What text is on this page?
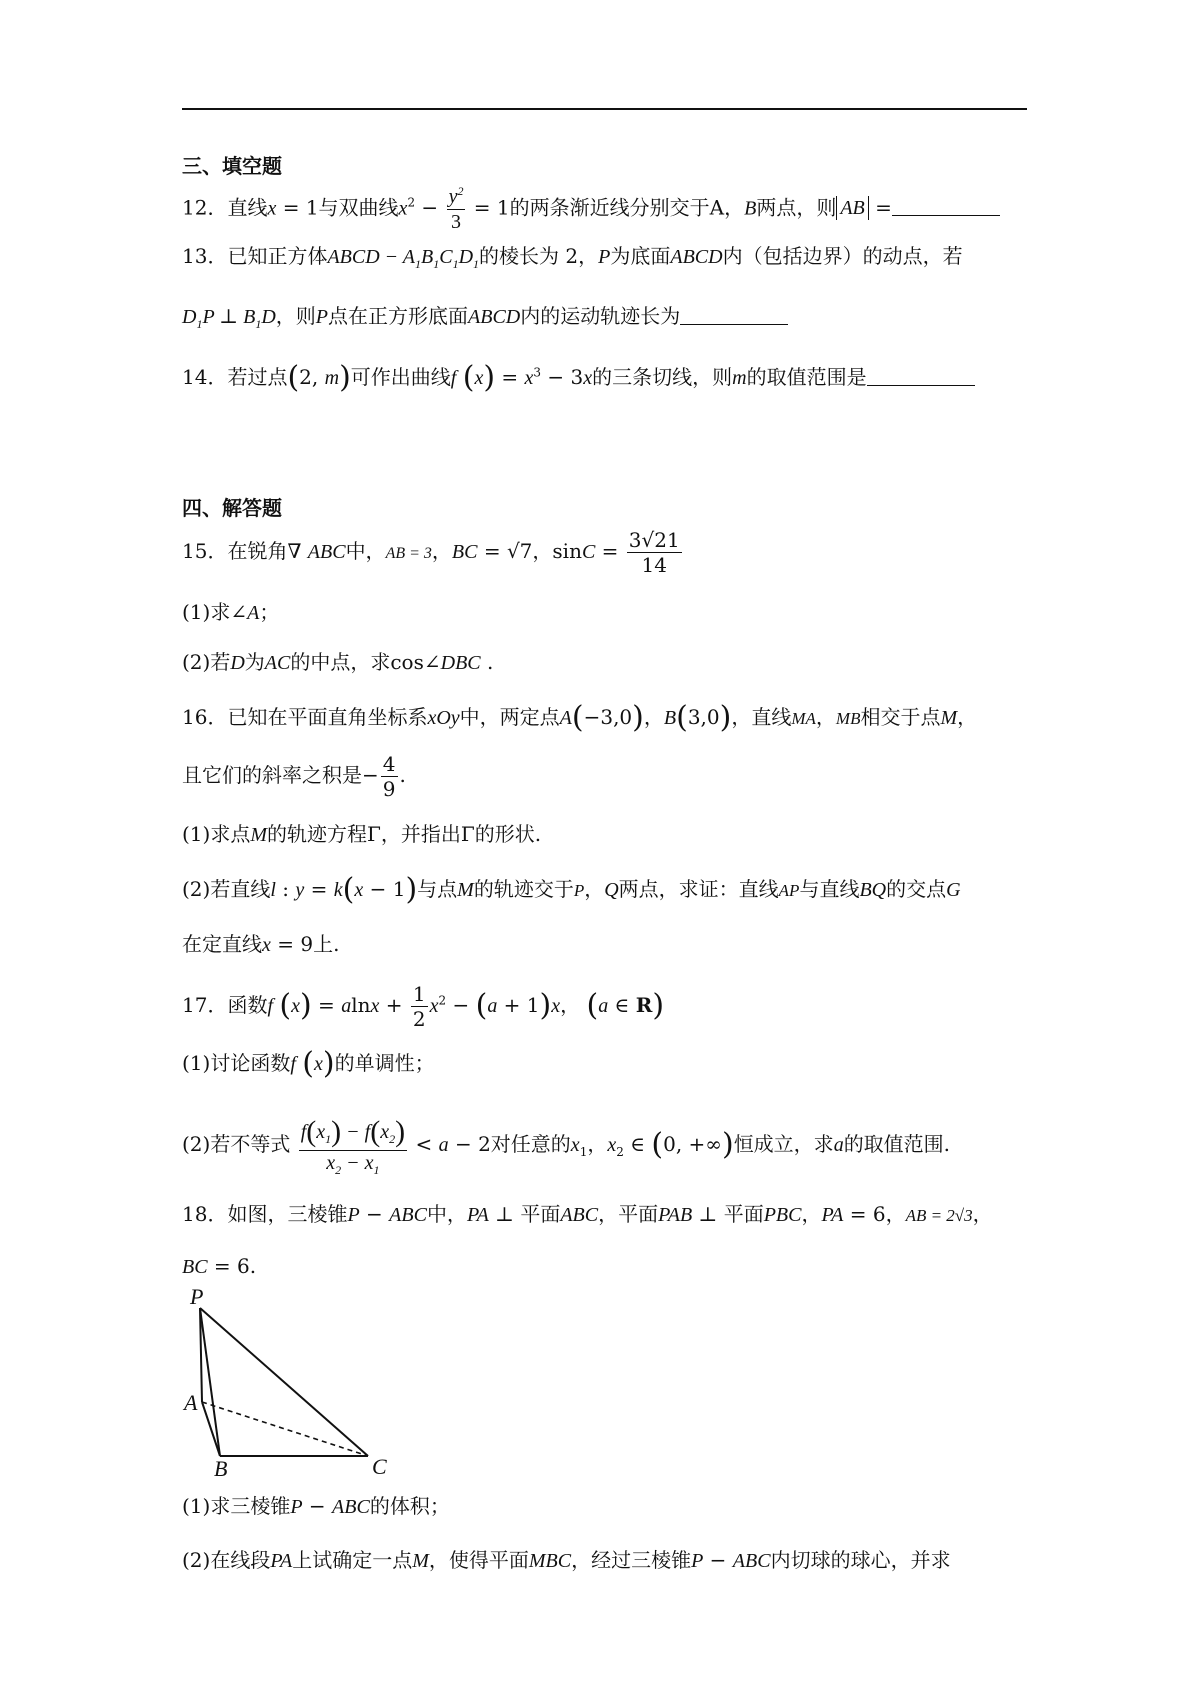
三、填空题
12．直线x = 1与双曲线$x^2 - \frac{y^2}{3} = 1$的两条渐近线分别交于A，B两点，则 AB =
13．已知正方体ABCD − $A_1B_1C_1D_1$的棱长为 2，P为底面ABCD内（包括边界）的动点，若
$D_1P$ ⊥ $B_1D$，则P点在正方形底面ABCD内的运动轨迹长为
14．若过点(2, m)可作出曲线f $(x) = x^3 - 3x$的三条切线，则m的取值范围是
四、解答题
15．在锐角∇ ABC中，AB = 3，BC = √7，$\sin C = \frac{3√21}{14}$
(1)求∠A；
(2)若D为AC的中点，求cos∠DBC .
16．已知在平面直角坐标系xOy中，两定点A(−3,0)，B(3,0)，直线MA，MB相交于点M，
且它们的斜率之积是− $\frac{4}{9}$ .
(1)求点M的轨迹方程Γ，并指出Γ的形状.
(2)若直线l : y = k(x − 1)与点M的轨迹交于P，Q两点，求证：直线AP与直线BQ的交点G
在定直线x = 9上.
17．函数f $(x) = alnx + \frac{1}{2} x^2 - (a + 1)x$， (a ∈ R)
(1)讨论函数f (x)的单调性；
(2)若不等式 $\frac{f(x_1) - f(x_2)}{x_2 - x_1} < a - 2$对任意的$x_1$，$x_2$ ∈ (0, +∞)恒成立，求a的取值范围.
18．如图，三棱锥P − ABC中，PA ⊥ 平面ABC，平面PAB ⊥ 平面PBC，PA = 6，AB = 2√3，
BC = 6.
P
A
B	C
(1)求三棱锥P − ABC的体积；
(2)在线段PA上试确定一点M，使得平面MBC，经过三棱锥P − ABC内切球的球心，并求
